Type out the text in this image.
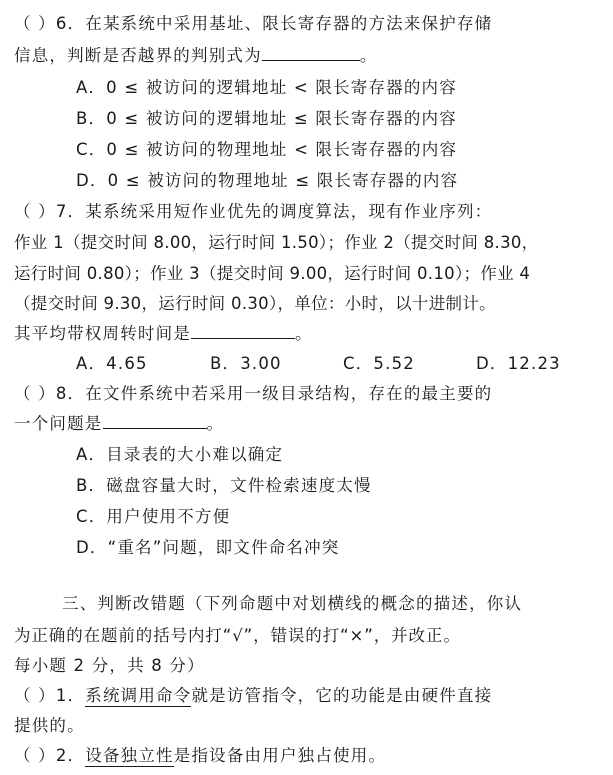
（ ）6．在某系统中采用基址、限长寄存器的方法来保护存储
信息，判断是否越界的判别式为	。
A．0 ≤ 被访问的逻辑地址 < 限长寄存器的内容
B．0 ≤ 被访问的逻辑地址 ≤ 限长寄存器的内容
C．0 ≤ 被访问的物理地址 < 限长寄存器的内容
D．0 ≤ 被访问的物理地址 ≤ 限长寄存器的内容
（ ）7．某系统采用短作业优先的调度算法，现有作业序列：
作业 1（提交时间 8.00，运行时间 1.50）；作业 2（提交时间 8.30，
运行时间 0.80）；作业 3（提交时间 9.00，运行时间 0.10）；作业 4
（提交时间 9.30，运行时间 0.30），单位：小时，以十进制计。
其平均带权周转时间是	。
A．4.65	B．3.00	C．5.52	D．12.23
（ ）8．在文件系统中若采用一级目录结构，存在的最主要的
一个问题是	。
A．目录表的大小难以确定
B．磁盘容量大时，文件检索速度太慢
C．用户使用不方便
D．“重名”问题，即文件命名冲突
三、判断改错题（下列命题中对划横线的概念的描述，你认
为正确的在题前的括号内打“√”，错误的打“×”，并改正。
每小题 2 分，共 8 分）
（ ）1．系统调用命令就是访管指令，它的功能是由硬件直接
提供的。
（ ）2．设备独立性是指设备由用户独占使用。
